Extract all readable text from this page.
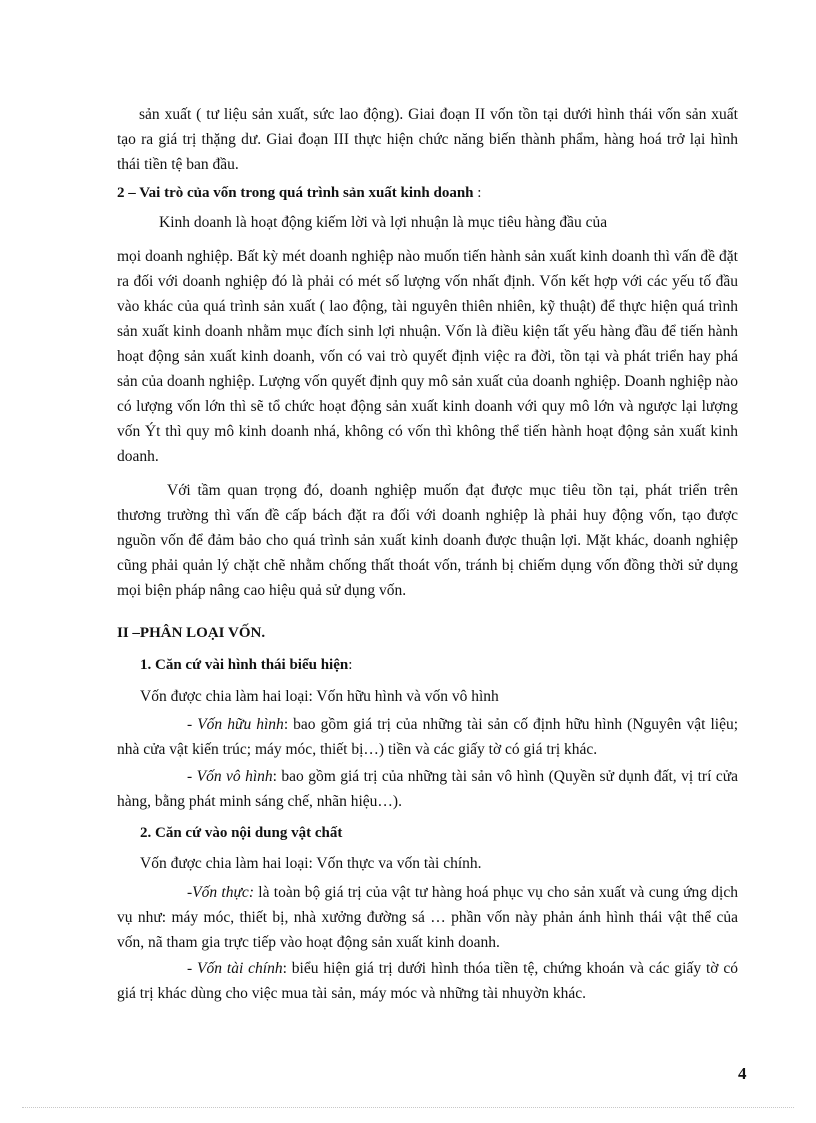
sản xuất ( tư liệu sản xuất, sức lao động). Giai đoạn II vốn tồn tại dưới hình thái vốn sản xuất tạo ra giá trị thặng dư. Giai đoạn III thực hiện chức năng biến thành phẩm, hàng hoá trở lại hình thái tiền tệ ban đầu.

2 – Vai trò của vốn trong quá trình sản xuất kinh doanh :

Kinh doanh là hoạt động kiếm lời và lợi nhuận là mục tiêu hàng đầu của

mọi doanh nghiệp. Bất kỳ mét doanh nghiệp nào muốn tiến hành sản xuất kinh doanh thì vấn đề đặt ra đối với doanh nghiệp đó là phải có mét số lượng vốn nhất định. Vốn kết hợp với các yếu tố đầu vào khác của quá trình sản xuất ( lao động, tài nguyên thiên nhiên, kỹ thuật) để thực hiện quá trình sản xuất kinh doanh nhằm mục đích sinh lợi nhuận. Vốn là điều kiện tất yếu hàng đầu để tiến hành hoạt động sản xuất kinh doanh, vốn có vai trò quyết định việc ra đời, tồn tại và phát triển hay phá sản của doanh nghiệp. Lượng vốn quyết định quy mô sản xuất của doanh nghiệp. Doanh nghiệp nào có lượng vốn lớn thì sẽ tổ chức hoạt động sản xuất kinh doanh với quy mô lớn và ngược lại lượng vốn Ýt thì quy mô kinh doanh nhá, không có vốn thì không thể tiến hành hoạt động sản xuất kinh doanh.

Với tầm quan trọng đó, doanh nghiệp muốn đạt được mục tiêu tồn tại, phát triển trên thương trường thì vấn đề cấp bách đặt ra đối với doanh nghiệp là phải huy động vốn, tạo được nguồn vốn để đảm bảo cho quá trình sản xuất kinh doanh được thuận lợi. Mặt khác, doanh nghiệp cũng phải quản lý chặt chẽ nhằm chống thất thoát vốn, tránh bị chiếm dụng vốn đồng thời sử dụng mọi biện pháp nâng cao hiệu quả sử dụng vốn.

II –PHÂN LOẠI VỐN.

1. Căn cứ vài hình thái biểu hiện:

Vốn được chia làm hai loại: Vốn hữu hình và vốn vô hình

- Vốn hữu hình: bao gồm giá trị của những tài sản cố định hữu hình (Nguyên vật liệu; nhà cửa vật kiến trúc; máy móc, thiết bị…) tiền và các giấy tờ có giá trị khác.

- Vốn vô hình: bao gồm giá trị của những tài sản vô hình (Quyền sử dụnh đất, vị trí cửa hàng, bằng phát minh sáng chế, nhãn hiệu…).

2. Căn cứ vào nội dung vật chất

Vốn được chia làm hai loại: Vốn thực va vốn tài chính.

-Vốn thực: là toàn bộ giá trị của vật tư hàng hoá phục vụ cho sản xuất và cung ứng dịch vụ như: máy móc, thiết bị, nhà xưởng đường sá … phần vốn này phản ánh hình thái vật thể của vốn, nã tham gia trực tiếp vào hoạt động sản xuất kinh doanh.

- Vốn tài chính: biểu hiện giá trị dưới hình thóa tiền tệ, chứng khoán và các giấy tờ có giá trị khác dùng cho việc mua tài sản, máy móc và những tài nhuyờn khác.

4
